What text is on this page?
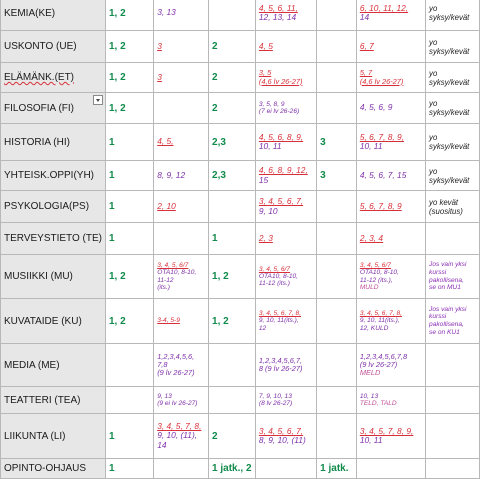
KEMIA(KE)	1, 2	3, 13		4, 5, 6, 11,
12, 13, 14		6, 10, 11, 12,
14	yo
syksy/kevät

USKONTO (UE)	1, 2	3	2	4, 5		6, 7	yo
syksy/kevät

ELÄMÄNK.(ET)	1, 2	3	2	3, 5
(4,6 lv 26-27)		5, 7
(4,6 lv 26-27)	yo
syksy/kevät

FILOSOFIA (FI)	1, 2		2	3, 5, 8, 9
(7 ei lv 26-26)		4, 5, 6, 9	yo
syksy/kevät

HISTORIA (HI)	1	4, 5,	2,3	4, 5, 6, 8, 9,
10, 11	3	5, 6, 7, 8, 9,
10, 11	yo
syksy/kevät

YHTEISK.OPPI(YH)	1	8, 9, 12	2,3	4, 6, 8, 9, 12,
15	3	4, 5, 6, 7, 15	yo
syksy/kevät

PSYKOLOGIA(PS)	1	2, 10		3, 4, 5, 6, 7,
9, 10		5, 6, 7, 8, 9	yo kevät
(suositus)

TERVEYSTIETO (TE)	1		1	2, 3		2, 3, 4	

MUSIIKKI (MU)	1, 2	3, 4, 5, 6/7
OTA10, 8-10,
11-12
(its.)	1, 2	3, 4, 5, 6/7
OTA10, 8-10,
11-12 (its.)		3, 4, 5, 6/7
OTA10, 8-10,
11-12 (its.),
MULD	Jos vain yksi
kurssi
pakollisena,
se on MU1

KUVATAIDE (KU)	1, 2	3-4, 5-9	1, 2	3, 4, 5, 6, 7, 8,
9, 10, 11(its.),
12		3, 4, 5, 6, 7, 8,
9, 10, 11(its.),
12, KULD	Jos vain yksi
kurssi
pakollisena,
se on KU1

MEDIA (ME)		1,2,3,4,5,6,
7,8
(9 lv 26-27)		1,2,3,4,5,6,7,
8 (9 lv 26-27)		1,2,3,4,5,6,7,8
(9 lv 26-27)
MELD	

TEATTERI (TEA)		9, 13
(9 ei lv 26-27)		7, 9, 10, 13
(8 lv 26-27)		10, 13
TELD, TALD	

LIIKUNTA (LI)	1	3, 4, 5, 7, 8,
9, 10, (11),
14	2	3, 4, 5, 6, 7,
8, 9, 10, (11)		3, 4, 5, 7, 8, 9,
10, 11	

OPINTO-OHJAUS	1		1 jatk., 2		1 jatk.		
